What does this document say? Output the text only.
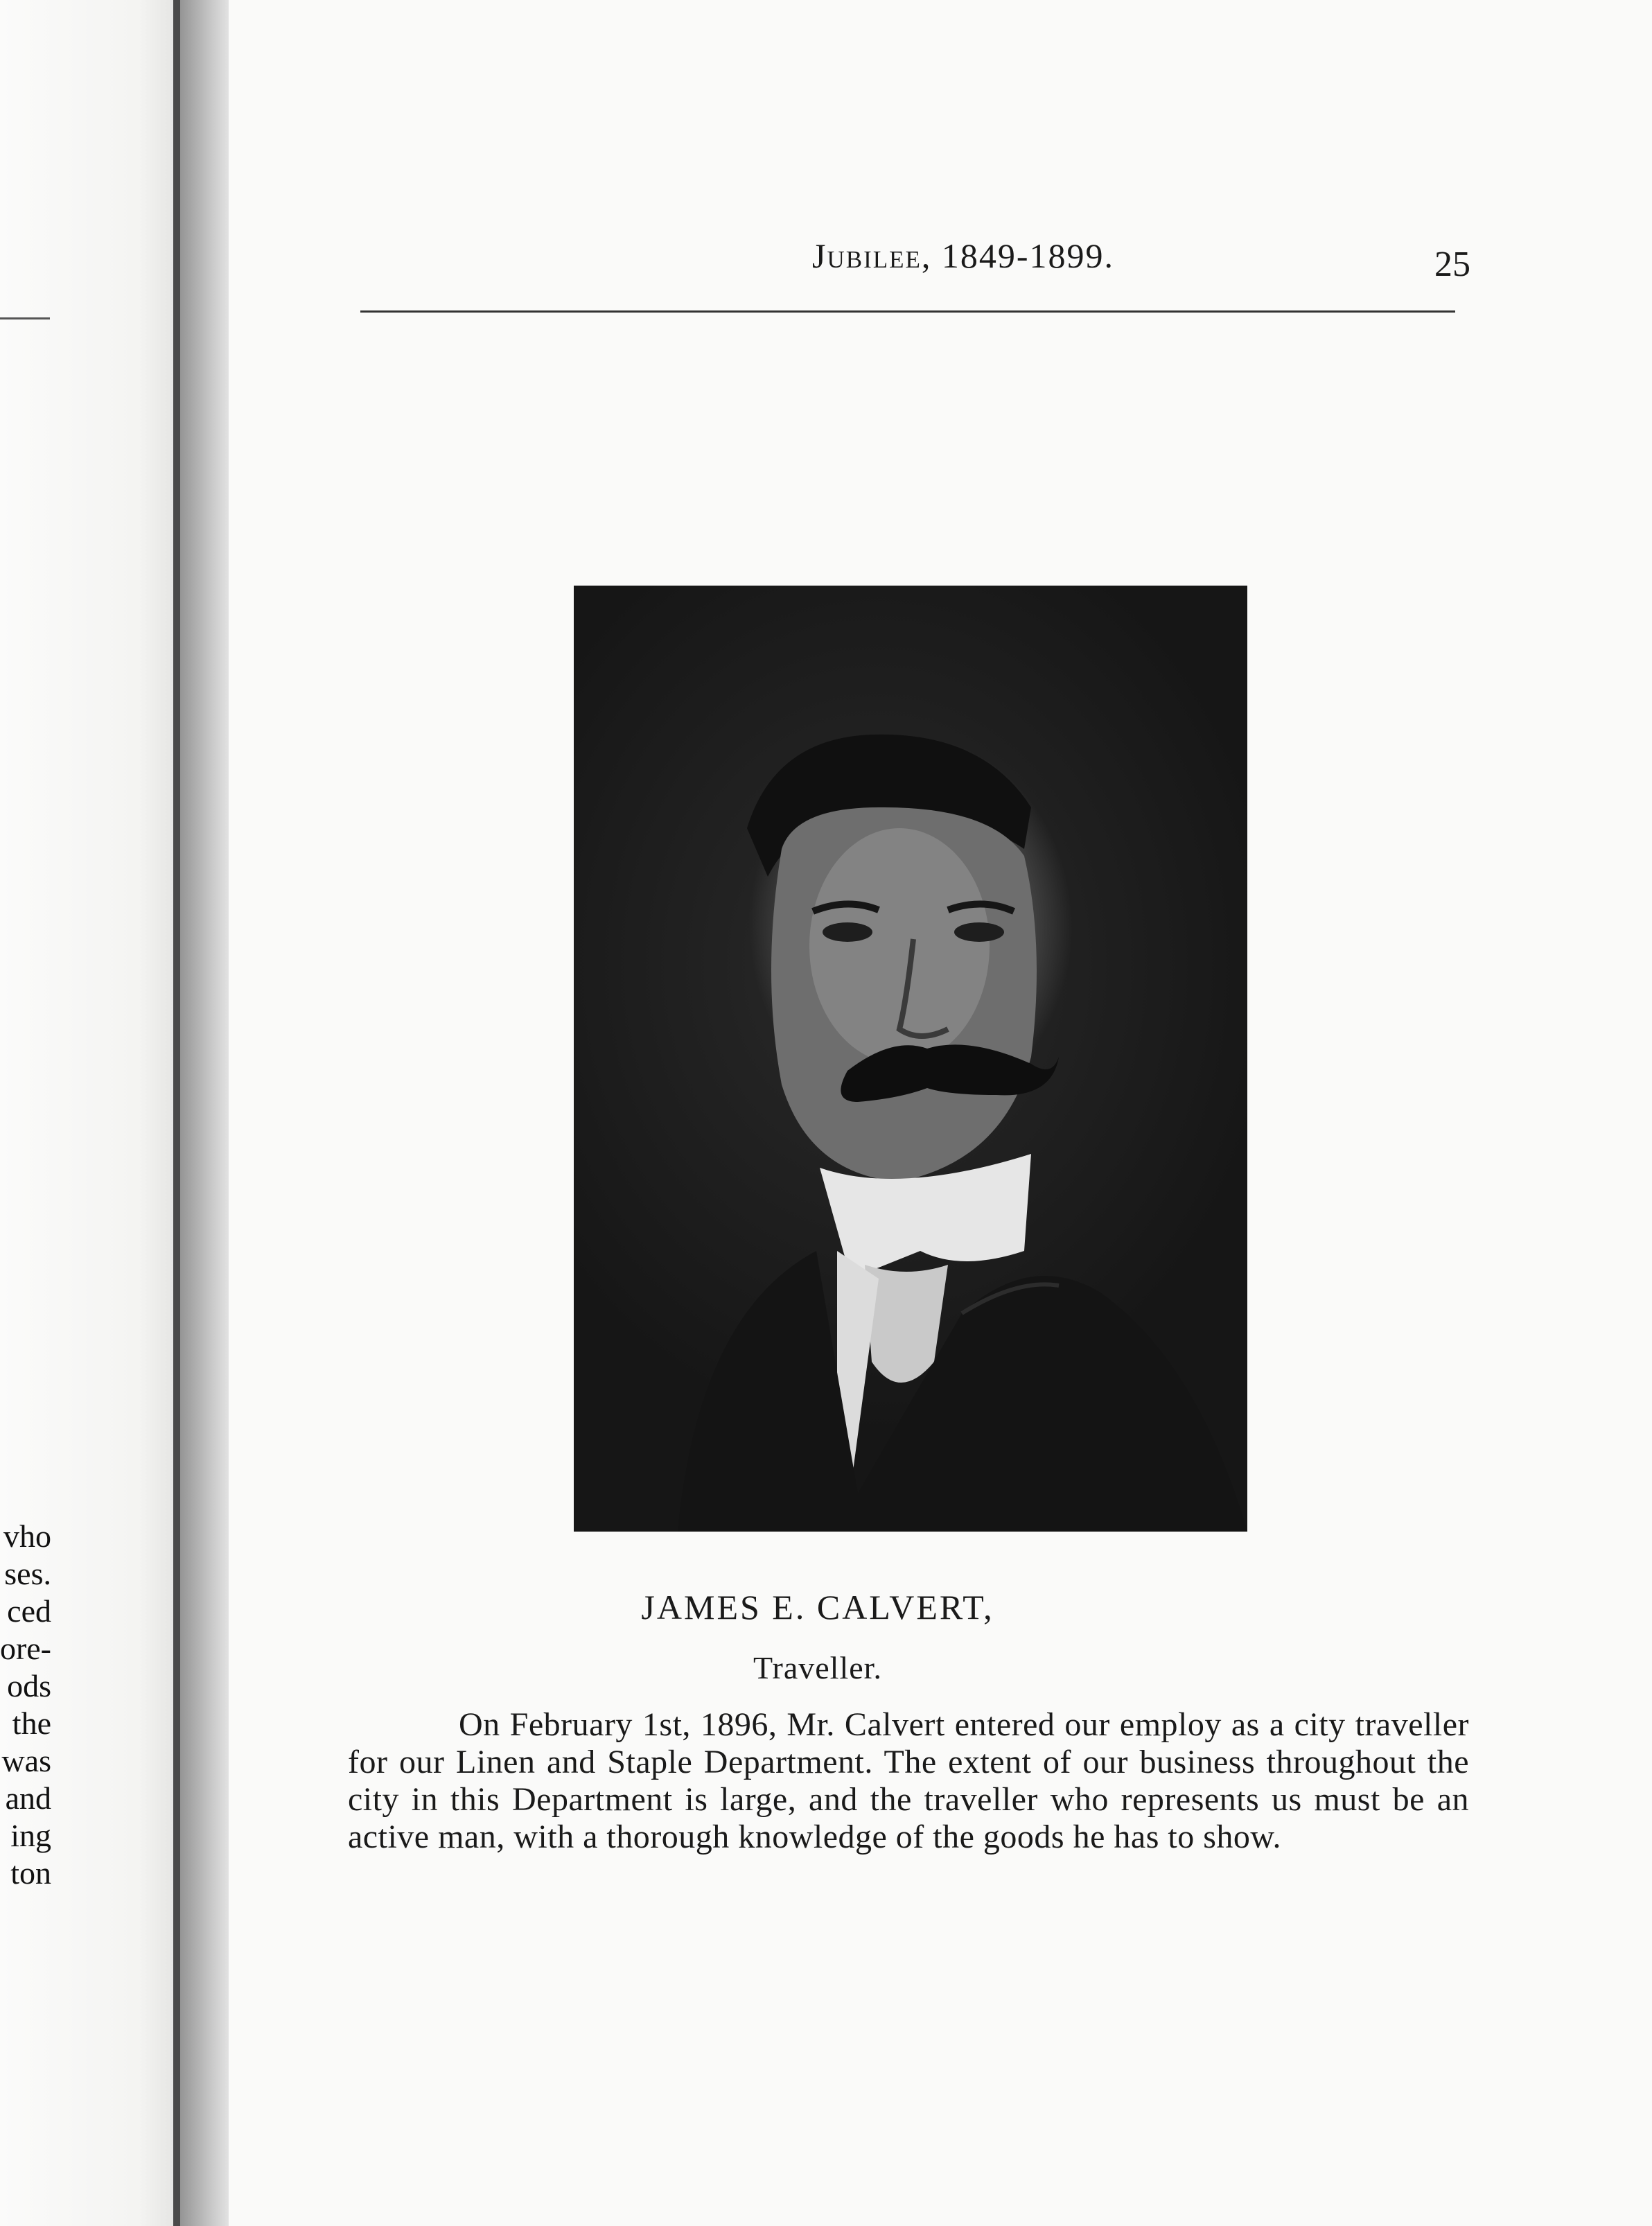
vho
ses.
ced
ore-
ods
the
was
and
ing
ton
Jubilee, 1849-1899.	25
JAMES E. CALVERT,
Traveller.
On February 1st, 1896, Mr. Calvert entered our employ as a city traveller for our Linen and Staple Department. The extent of our business throughout the city in this Department is large, and the traveller who represents us must be an active man, with a thorough knowledge of the goods he has to show.
